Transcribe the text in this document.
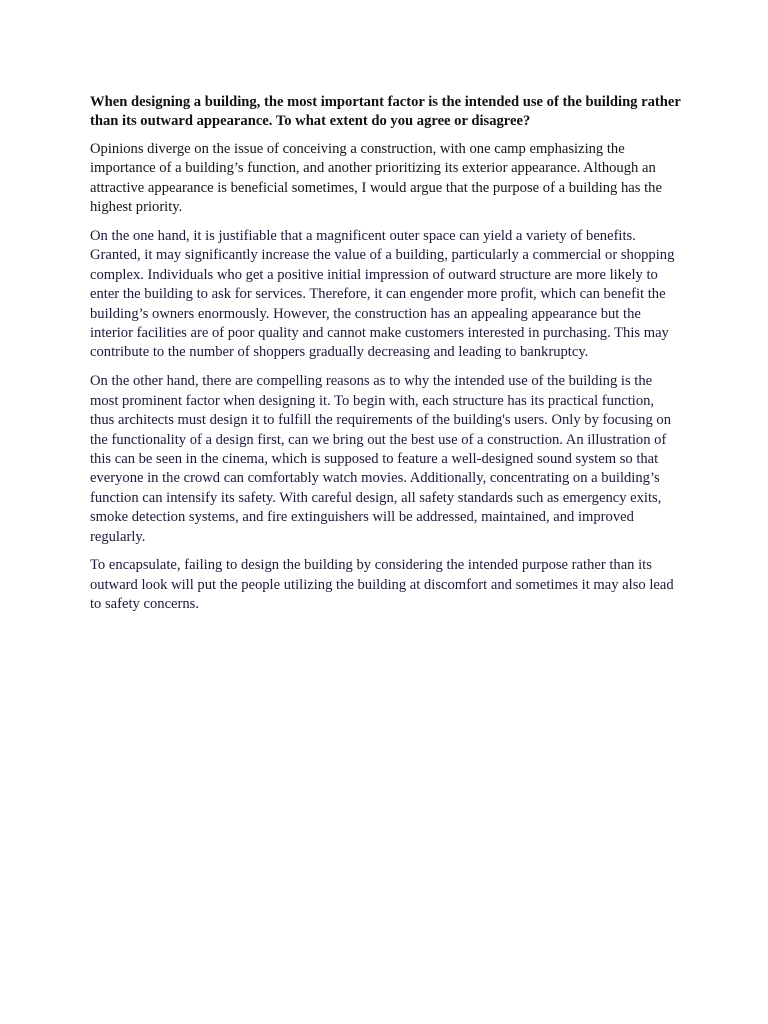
When designing a building, the most important factor is the intended use of the building rather than its outward appearance. To what extent do you agree or disagree?

Opinions diverge on the issue of conceiving a construction, with one camp emphasizing the importance of a building’s function, and another prioritizing its exterior appearance. Although an attractive appearance is beneficial sometimes, I would argue that the purpose of a building has the highest priority.

On the one hand, it is justifiable that a magnificent outer space can yield a variety of benefits. Granted, it may significantly increase the value of a building, particularly a commercial or shopping complex. Individuals who get a positive initial impression of outward structure are more likely to enter the building to ask for services. Therefore, it can engender more profit, which can benefit the building’s owners enormously. However, the construction has an appealing appearance but the interior facilities are of poor quality and cannot make customers interested in purchasing. This may contribute to the number of shoppers gradually decreasing and leading to bankruptcy.

On the other hand, there are compelling reasons as to why the intended use of the building is the most prominent factor when designing it. To begin with, each structure has its practical function, thus architects must design it to fulfill the requirements of the building's users. Only by focusing on the functionality of a design first, can we bring out the best use of a construction. An illustration of this can be seen in the cinema, which is supposed to feature a well-designed sound system so that everyone in the crowd can comfortably watch movies. Additionally, concentrating on a building’s function can intensify its safety. With careful design, all safety standards such as emergency exits, smoke detection systems, and fire extinguishers will be addressed, maintained, and improved regularly.

To encapsulate, failing to design the building by considering the intended purpose rather than its outward look will put the people utilizing the building at discomfort and sometimes it may also lead to safety concerns.
